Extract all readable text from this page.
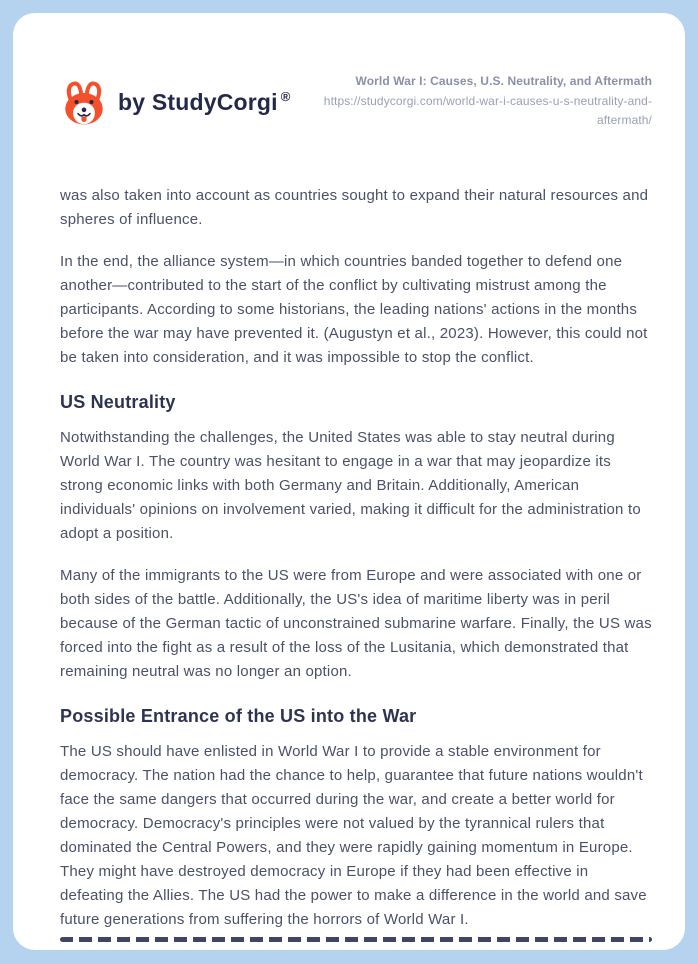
by StudyCorgi ®
World War I: Causes, U.S. Neutrality, and Aftermath
https://studycorgi.com/world-war-i-causes-u-s-neutrality-and-aftermath/

was also taken into account as countries sought to expand their natural resources and spheres of influence.

In the end, the alliance system—in which countries banded together to defend one another—contributed to the start of the conflict by cultivating mistrust among the participants. According to some historians, the leading nations' actions in the months before the war may have prevented it. (Augustyn et al., 2023). However, this could not be taken into consideration, and it was impossible to stop the conflict.

US Neutrality

Notwithstanding the challenges, the United States was able to stay neutral during World War I. The country was hesitant to engage in a war that may jeopardize its strong economic links with both Germany and Britain. Additionally, American individuals' opinions on involvement varied, making it difficult for the administration to adopt a position.

Many of the immigrants to the US were from Europe and were associated with one or both sides of the battle. Additionally, the US's idea of maritime liberty was in peril because of the German tactic of unconstrained submarine warfare. Finally, the US was forced into the fight as a result of the loss of the Lusitania, which demonstrated that remaining neutral was no longer an option.

Possible Entrance of the US into the War

The US should have enlisted in World War I to provide a stable environment for democracy. The nation had the chance to help, guarantee that future nations wouldn't face the same dangers that occurred during the war, and create a better world for democracy. Democracy's principles were not valued by the tyrannical rulers that dominated the Central Powers, and they were rapidly gaining momentum in Europe. They might have destroyed democracy in Europe if they had been effective in defeating the Allies. The US had the power to make a difference in the world and save future generations from suffering the horrors of World War I.
